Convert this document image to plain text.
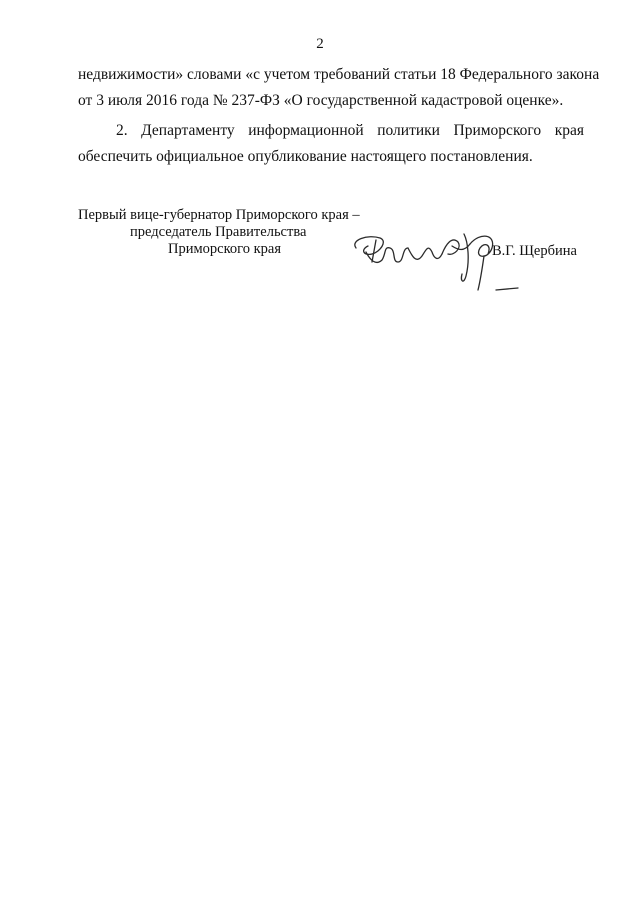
2
недвижимости» словами «с учетом требований статьи 18 Федерального закона
от 3 июля 2016 года № 237-ФЗ «О государственной кадастровой оценке».
2. Департаменту информационной политики Приморского края
обеспечить официальное опубликование настоящего постановления.
Первый вице-губернатор Приморского края –
председатель Правительства
Приморского края	В.Г. Щербина
